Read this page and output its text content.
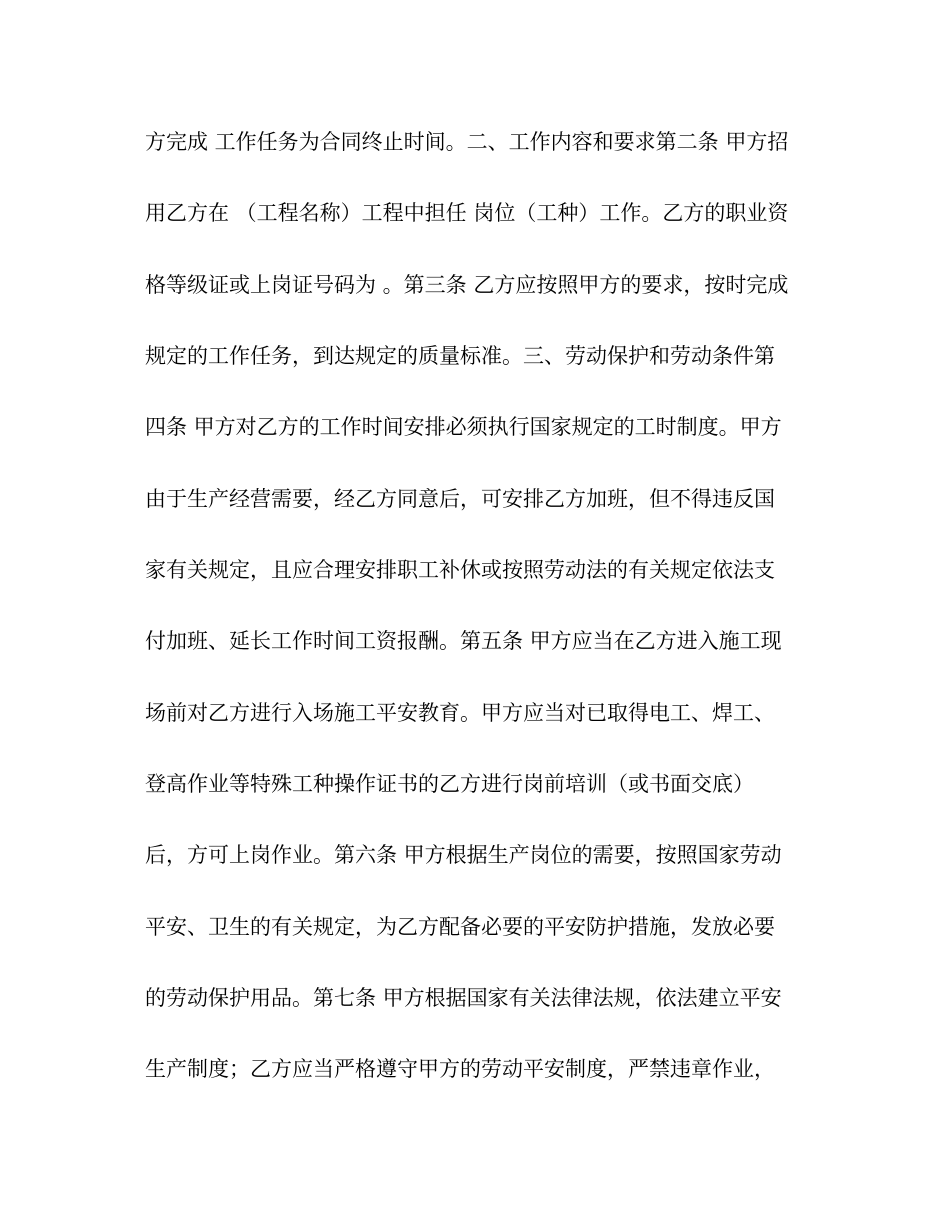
方完成 工作任务为合同终止时间。二、工作内容和要求第二条 甲方招
用乙方在 （工程名称）工程中担任 岗位（工种）工作。乙方的职业资
格等级证或上岗证号码为 。第三条 乙方应按照甲方的要求，按时完成
规定的工作任务，到达规定的质量标准。三、劳动保护和劳动条件第
四条 甲方对乙方的工作时间安排必须执行国家规定的工时制度。甲方
由于生产经营需要，经乙方同意后，可安排乙方加班，但不得违反国
家有关规定，且应合理安排职工补休或按照劳动法的有关规定依法支
付加班、延长工作时间工资报酬。第五条 甲方应当在乙方进入施工现
场前对乙方进行入场施工平安教育。甲方应当对已取得电工、焊工、
登高作业等特殊工种操作证书的乙方进行岗前培训（或书面交底）
后，方可上岗作业。第六条 甲方根据生产岗位的需要，按照国家劳动
平安、卫生的有关规定，为乙方配备必要的平安防护措施，发放必要
的劳动保护用品。第七条 甲方根据国家有关法律法规，依法建立平安
生产制度；乙方应当严格遵守甲方的劳动平安制度，严禁违章作业，
